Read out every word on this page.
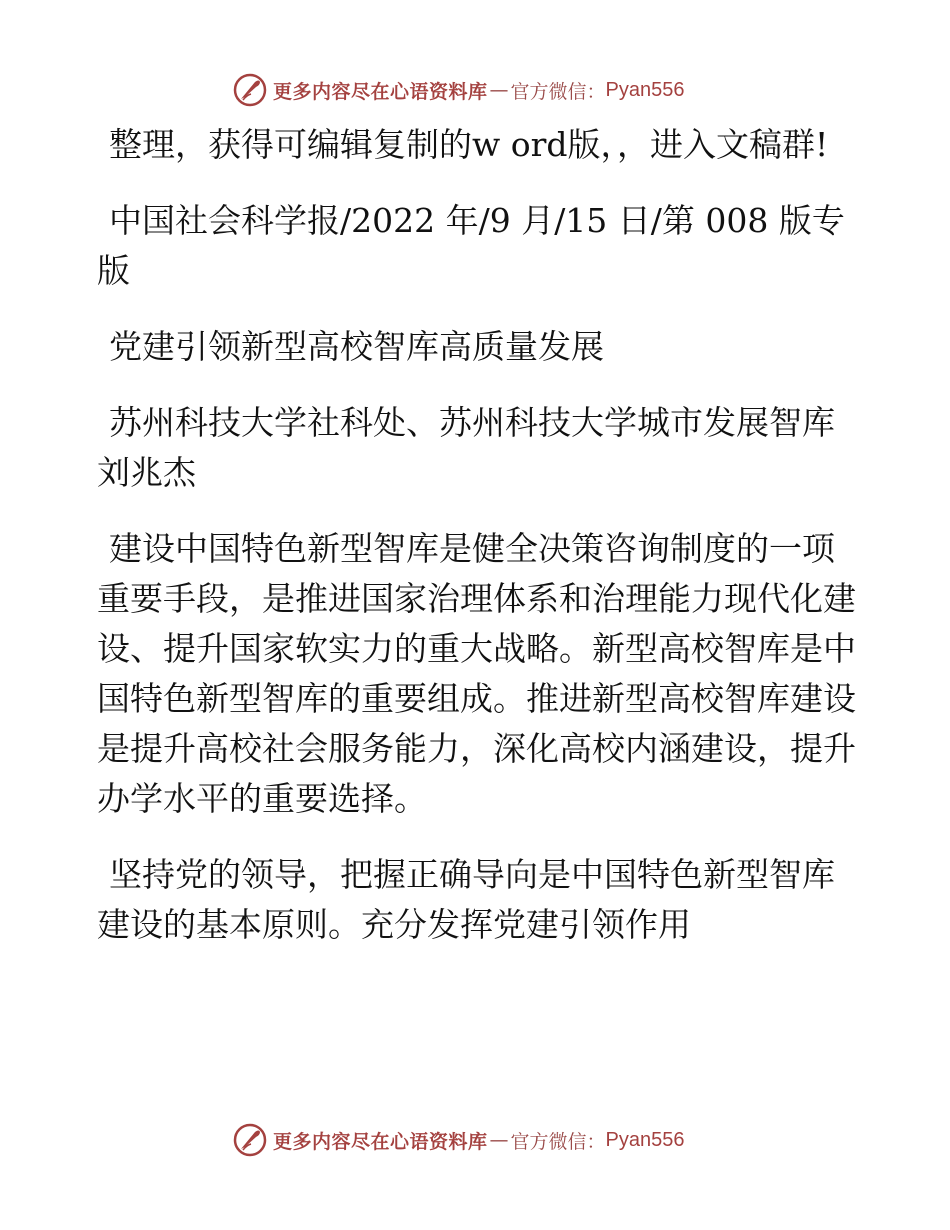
更多内容尽在心语资料库 — 官方微信： Pyan556

整理，获得可编辑复制的w ord版，，进入文稿群!

中国社会科学报/2022 年/9 月/15 日/第 008 版专版

党建引领新型高校智库高质量发展

苏州科技大学社科处、苏州科技大学城市发展智库　刘兆杰

建设中国特色新型智库是健全决策咨询制度的一项重要手段，是推进国家治理体系和治理能力现代化建设、提升国家软实力的重大战略。新型高校智库是中国特色新型智库的重要组成。推进新型高校智库建设是提升高校社会服务能力，深化高校内涵建设，提升办学水平的重要选择。

坚持党的领导，把握正确导向是中国特色新型智库建设的基本原则。充分发挥党建引领作用

更多内容尽在心语资料库 — 官方微信： Pyan556
